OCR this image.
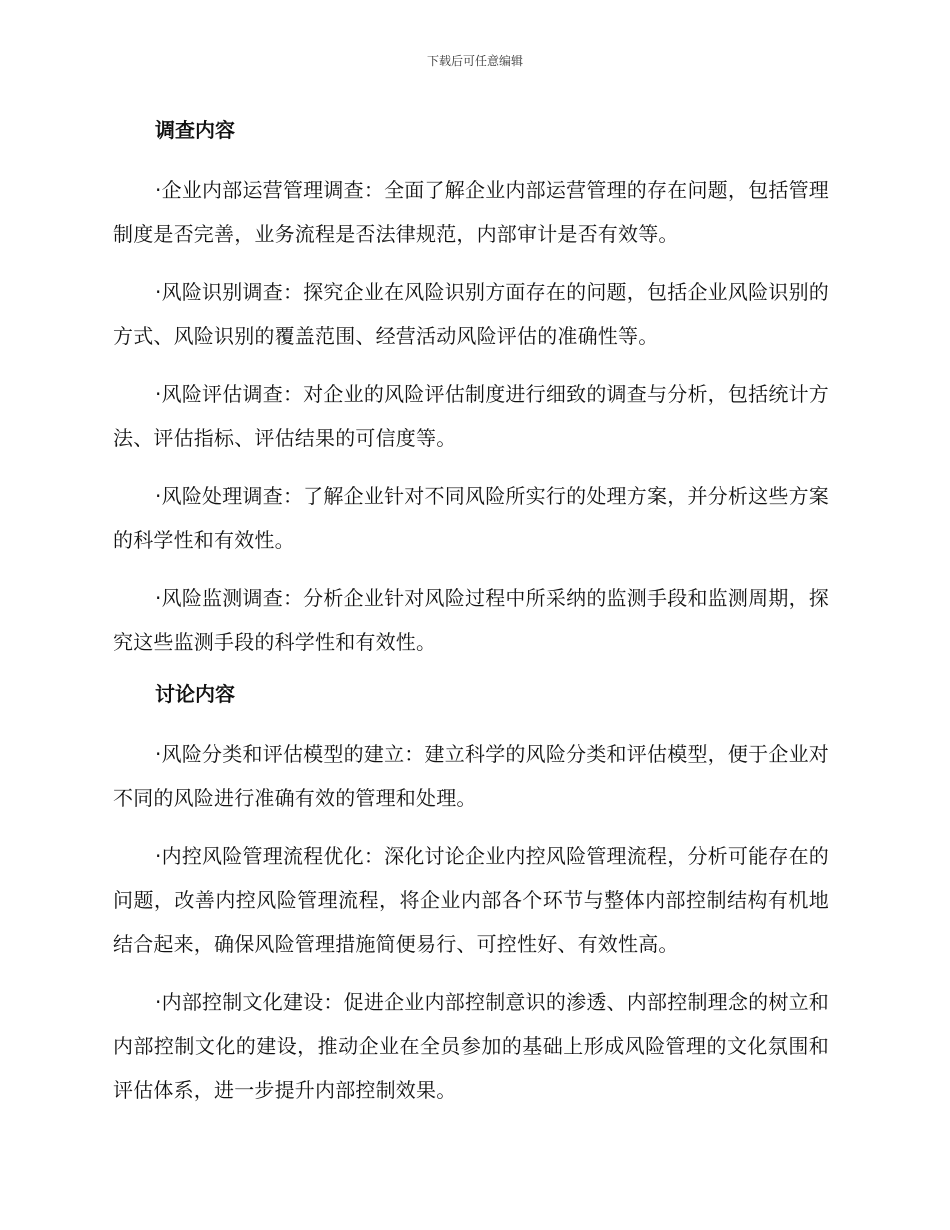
下载后可任意编辑
调查内容

·企业内部运营管理调查：全面了解企业内部运营管理的存在问题，包括管理制度是否完善，业务流程是否法律规范，内部审计是否有效等。

·风险识别调查：探究企业在风险识别方面存在的问题，包括企业风险识别的方式、风险识别的覆盖范围、经营活动风险评估的准确性等。

·风险评估调查：对企业的风险评估制度进行细致的调查与分析，包括统计方法、评估指标、评估结果的可信度等。

·风险处理调查：了解企业针对不同风险所实行的处理方案，并分析这些方案的科学性和有效性。

·风险监测调查：分析企业针对风险过程中所采纳的监测手段和监测周期，探究这些监测手段的科学性和有效性。

讨论内容

·风险分类和评估模型的建立：建立科学的风险分类和评估模型，便于企业对不同的风险进行准确有效的管理和处理。

·内控风险管理流程优化：深化讨论企业内控风险管理流程，分析可能存在的问题，改善内控风险管理流程，将企业内部各个环节与整体内部控制结构有机地结合起来，确保风险管理措施简便易行、可控性好、有效性高。

·内部控制文化建设：促进企业内部控制意识的渗透、内部控制理念的树立和内部控制文化的建设，推动企业在全员参加的基础上形成风险管理的文化氛围和评估体系，进一步提升内部控制效果。
